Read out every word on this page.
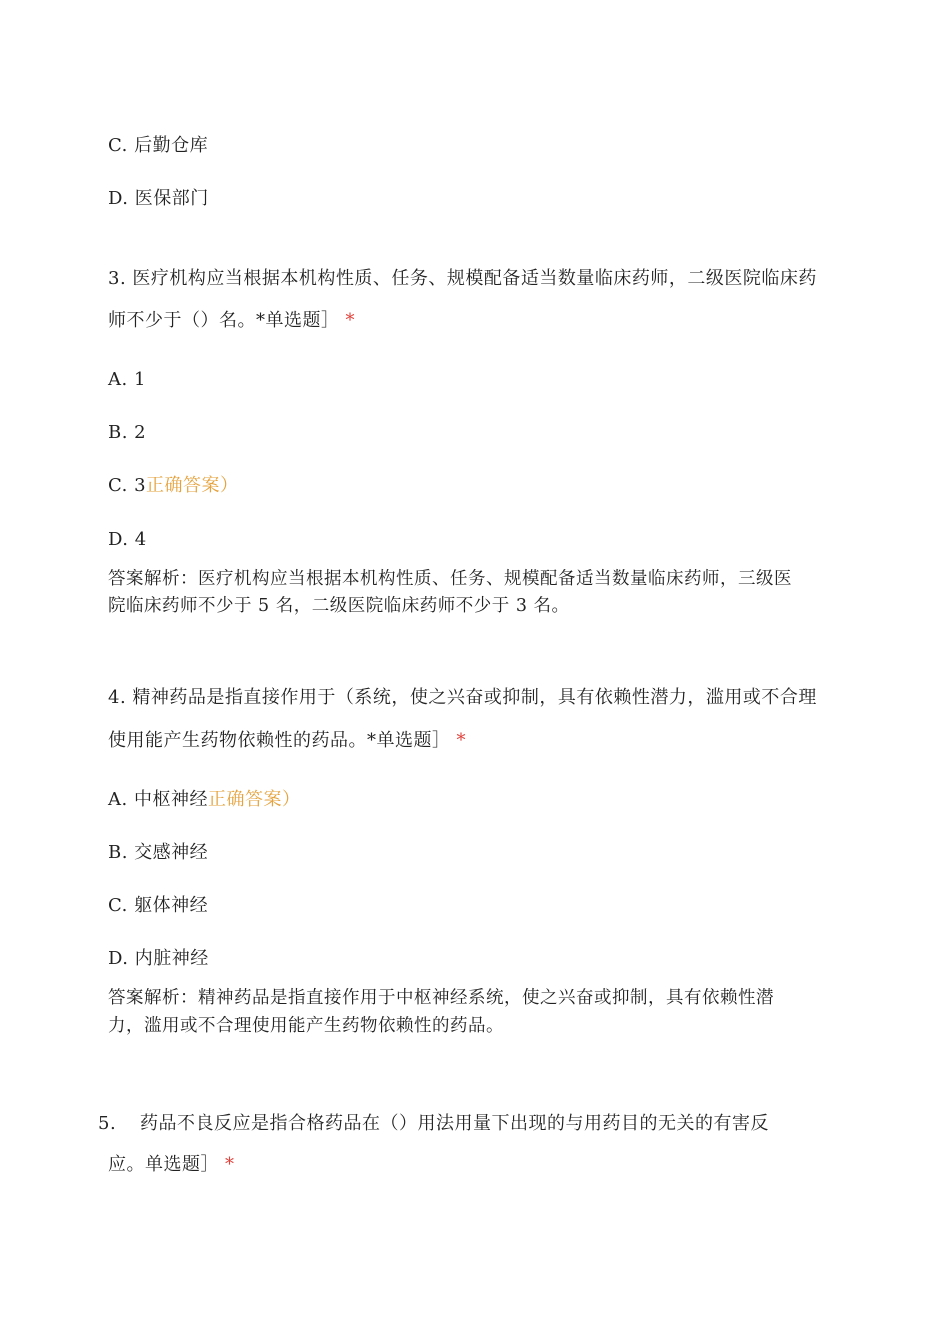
C. 后勤仓库
D. 医保部门
3. 医疗机构应当根据本机构性质、任务、规模配备适当数量临床药师，二级医院临床药
师不少于（）名。*单选题］ *
A. 1
B. 2
C. 3正确答案）
D. 4
答案解析：医疗机构应当根据本机构性质、任务、规模配备适当数量临床药师，三级医
院临床药师不少于 5 名，二级医院临床药师不少于 3 名。
4. 精神药品是指直接作用于（系统，使之兴奋或抑制，具有依赖性潜力，滥用或不合理
使用能产生药物依赖性的药品。*单选题］ *
A. 中枢神经正确答案）
B. 交感神经
C. 躯体神经
D. 内脏神经
答案解析：精神药品是指直接作用于中枢神经系统，使之兴奋或抑制，具有依赖性潜
力，滥用或不合理使用能产生药物依赖性的药品。
5. 药品不良反应是指合格药品在（）用法用量下出现的与用药目的无关的有害反
应。单选题］ *
